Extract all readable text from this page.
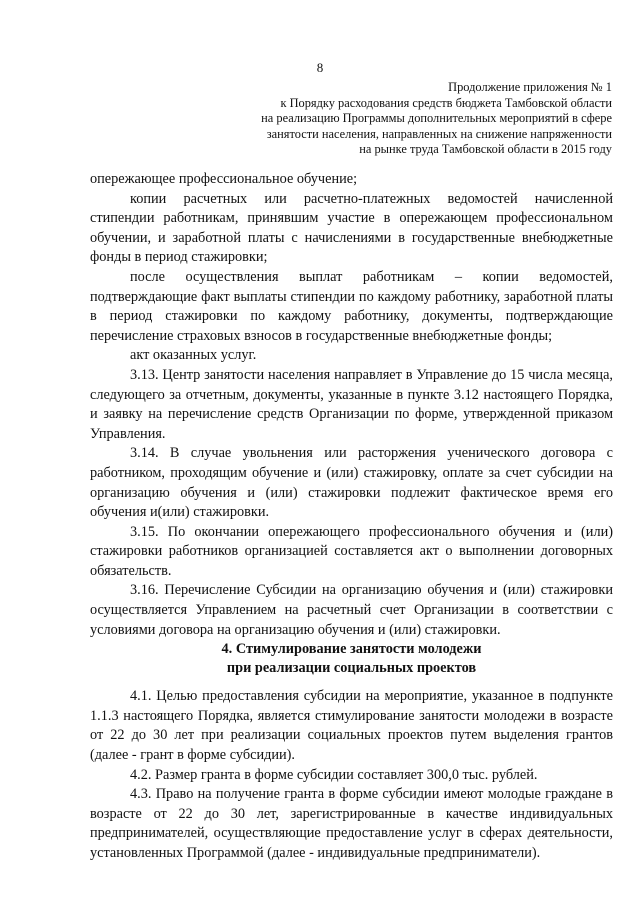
8
Продолжение приложения № 1
к Порядку расходования средств бюджета Тамбовской области
на реализацию Программы дополнительных мероприятий в сфере
занятости населения, направленных на снижение напряженности
на рынке труда Тамбовской области в 2015 году

опережающее профессиональное обучение;

копии расчетных или расчетно-платежных ведомостей начисленной стипендии работникам, принявшим участие в опережающем профессиональном обучении, и заработной платы с начислениями в государственные внебюджетные фонды в период стажировки;

после осуществления выплат работникам – копии ведомостей, подтверждающие факт выплаты стипендии по каждому работнику, заработной платы в период стажировки по каждому работнику, документы, подтверждающие перечисление страховых взносов в государственные внебюджетные фонды;

акт оказанных услуг.

3.13. Центр занятости населения направляет в Управление до 15 числа месяца, следующего за отчетным, документы, указанные в пункте 3.12 настоящего Порядка, и заявку на перечисление средств Организации по форме, утвержденной приказом Управления.

3.14. В случае увольнения или расторжения ученического договора с работником, проходящим обучение и (или) стажировку, оплате за счет субсидии на организацию обучения и (или) стажировки подлежит фактическое время его обучения и(или) стажировки.

3.15. По окончании опережающего профессионального обучения и (или) стажировки работников организацией составляется акт о выполнении договорных обязательств.

3.16. Перечисление Субсидии на организацию обучения и (или) стажировки осуществляется Управлением на расчетный счет Организации в соответствии с условиями договора на организацию обучения и (или) стажировки.

4. Стимулирование занятости молодежи
при реализации социальных проектов

4.1. Целью предоставления субсидии на мероприятие, указанное в подпункте 1.1.3 настоящего Порядка, является стимулирование занятости молодежи в возрасте от 22 до 30 лет при реализации социальных проектов путем выделения грантов (далее - грант в форме субсидии).

4.2. Размер гранта в форме субсидии составляет 300,0 тыс. рублей.

4.3. Право на получение гранта в форме субсидии имеют молодые граждане в возрасте от 22 до 30 лет, зарегистрированные в качестве индивидуальных предпринимателей, осуществляющие предоставление услуг в сферах деятельности, установленных Программой (далее - индивидуальные предприниматели).
